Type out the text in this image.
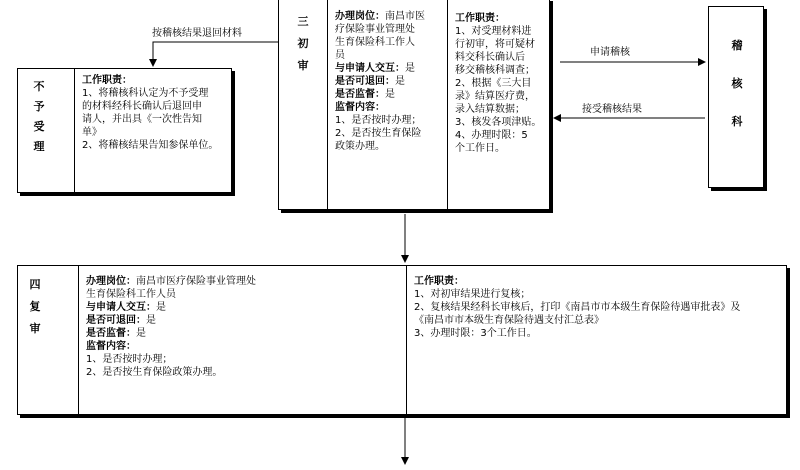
按稽核结果退回材料
申请稽核
接受稽核结果
不
予
受
理
工作职责：
1、将稽核科认定为不予受理
的材料经科长确认后退回申
请人，并出具《一次性告知
单》
2、将稽核结果告知参保单位。
三
初
审
办理岗位：南昌市医
疗保险事业管理处
生育保险科工作人
员
与申请人交互：是
是否可退回：是
是否监督：是
监督内容：
1、是否按时办理；
2、是否按生育保险
政策办理。
工作职责：
1、对受理材料进
行初审，将可疑材
料交科长确认后
移交稽核科调查；
2、根据《三大目
录》结算医疗费，
录入结算数据；
3、核发各项津贴。
4、办理时限：5
个工作日。
稽
核
科
四
复
审
办理岗位：南昌市医疗保险事业管理处
生育保险科工作人员
与申请人交互：是
是否可退回：是
是否监督：是
监督内容：
1、是否按时办理；
2、是否按生育保险政策办理。
工作职责：
1、对初审结果进行复核；
2、复核结果经科长审核后，打印《南昌市市本级生育保险待遇审批表》及
《南昌市市本级生育保险待遇支付汇总表》
3、办理时限：3个工作日。
